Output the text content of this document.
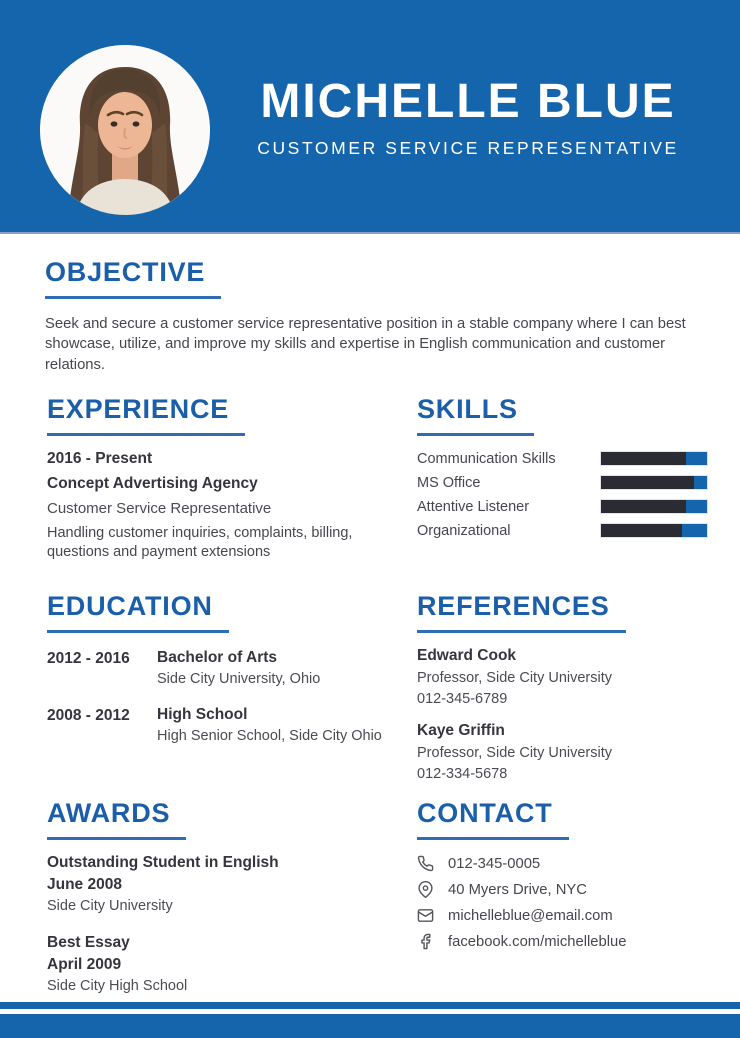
MICHELLE BLUE
CUSTOMER SERVICE REPRESENTATIVE
OBJECTIVE
Seek and secure a customer service representative position in a stable company where I can best showcase, utilize, and improve my skills and expertise in English communication and customer relations.
EXPERIENCE
2016 - Present
Concept Advertising Agency
Customer Service Representative
Handling customer inquiries, complaints, billing, questions and payment extensions
SKILLS
Communication Skills
MS Office
Attentive Listener
Organizational
EDUCATION
2012 - 2016	Bachelor of Arts
Side City University, Ohio
2008 - 2012	High School
High Senior School, Side City Ohio
REFERENCES
Edward Cook
Professor, Side City University
012-345-6789
Kaye Griffin
Professor, Side City University
012-334-5678
AWARDS
Outstanding Student in English
June 2008
Side City University
Best Essay
April 2009
Side City High School
CONTACT
012-345-0005
40 Myers Drive, NYC
michelleblue@email.com
facebook.com/michelleblue
